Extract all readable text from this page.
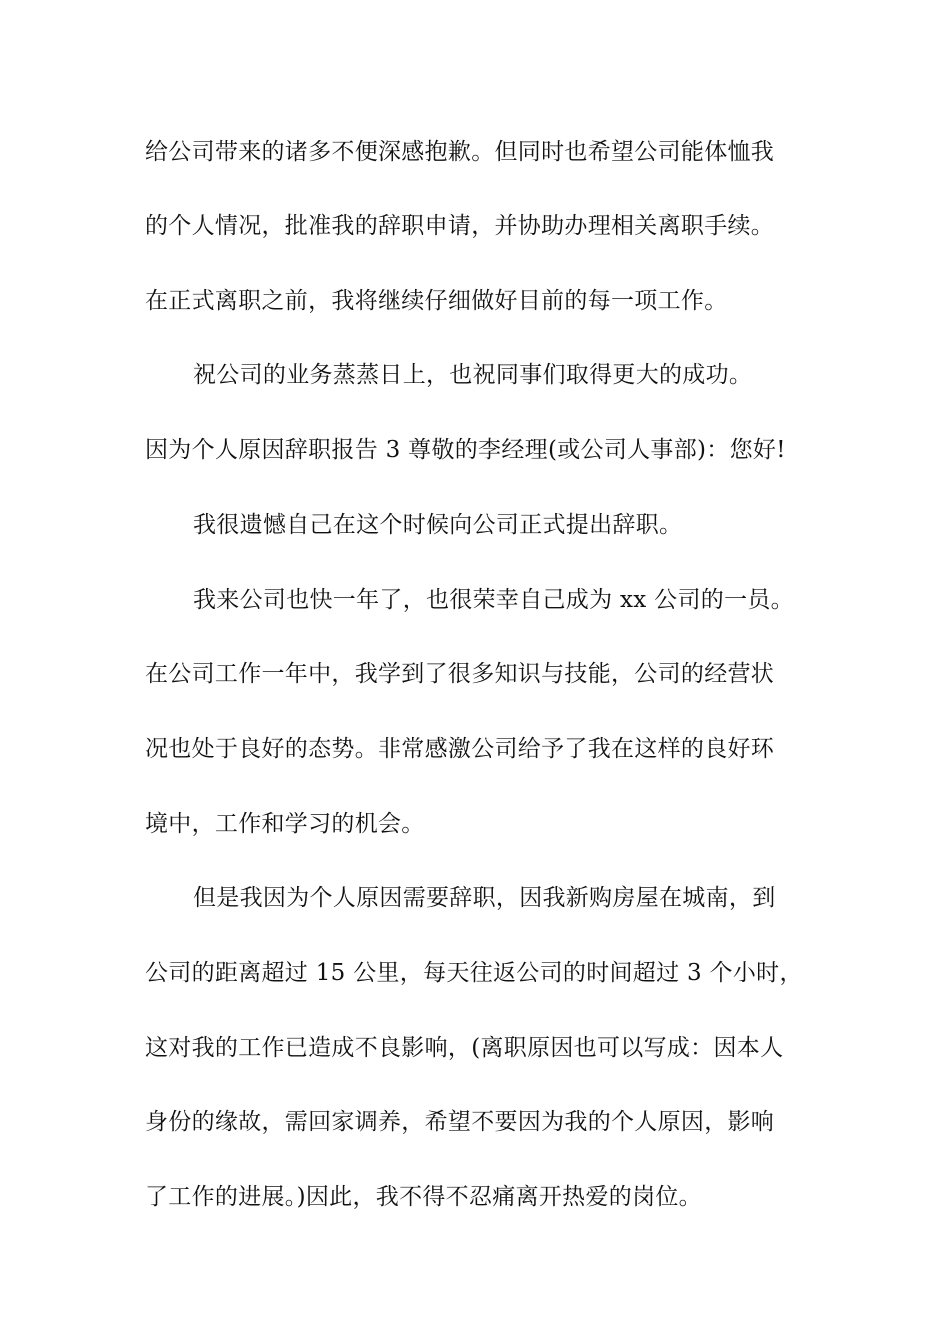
给公司带来的诸多不便深感抱歉。但同时也希望公司能体恤我
的个人情况，批准我的辞职申请，并协助办理相关离职手续。
在正式离职之前，我将继续仔细做好目前的每一项工作。
祝公司的业务蒸蒸日上，也祝同事们取得更大的成功。
因为个人原因辞职报告 3 尊敬的李经理(或公司人事部)：您好!
我很遗憾自己在这个时候向公司正式提出辞职。
我来公司也快一年了，也很荣幸自己成为 xx 公司的一员。
在公司工作一年中，我学到了很多知识与技能，公司的经营状
况也处于良好的态势。非常感激公司给予了我在这样的良好环
境中，工作和学习的机会。
但是我因为个人原因需要辞职，因我新购房屋在城南，到
公司的距离超过 15 公里，每天往返公司的时间超过 3 个小时，
这对我的工作已造成不良影响，(离职原因也可以写成：因本人
身份的缘故，需回家调养，希望不要因为我的个人原因，影响
了工作的进展。)因此，我不得不忍痛离开热爱的岗位。
